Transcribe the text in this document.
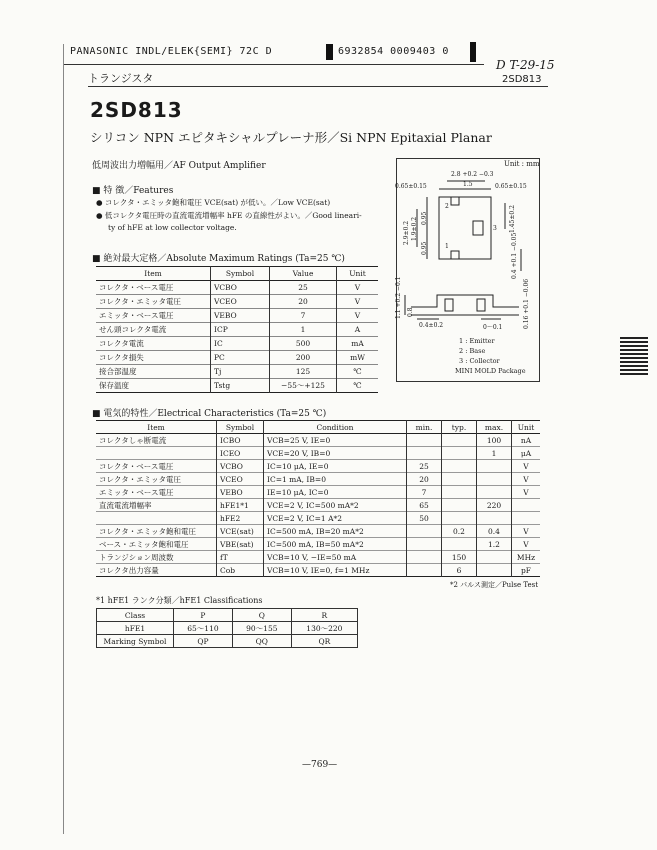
PANASONIC INDL/ELEK{SEMI} 72C D	6932854 0009403 0
D T-29-15
トランジスタ	2SD813
2SD813
シリコン NPN エピタキシャルプレーナ形／Si NPN Epitaxial Planar
低周波出力増幅用／AF Output Amplifier
■ 特 徴／Features
● コレクタ・エミッタ飽和電圧 VCE(sat) が低い。／Low VCE(sat)
● 低コレクタ電圧時の直流電流増幅率 hFE の直線性がよい。／Good lineari-
ty of hFE at low collector voltage.
■ 絶対最大定格／Absolute Maximum Ratings (Ta=25 ℃)
Item	Symbol	Value	Unit
コレクタ・ベース電圧	VCBO	25	V
コレクタ・エミッタ電圧	VCEO	20	V
エミッタ・ベース電圧	VEBO	7	V
せん頭コレクタ電流	ICP	1	A
コレクタ電流	IC	500	mA
コレクタ損失	PC	200	mW
接合部温度	Tj	125	℃
保存温度	Tstg	−55〜+125	℃
Unit : mm
2.8 +0.2 −0.3
1.5
0.65±0.15	0.65±0.15
2.9±0.2 1.9±0.2 0.95
0.95
1.45±0.2
0.4 +0.1 −0.05
1
2
3
1.1 +0.2 −0.1 0.8	0.16 +0.1 −0.06
0.4±0.2	0〜0.1
1 : Emitter
2 : Base
3 : Collector
MINI MOLD Package
■ 電気的特性／Electrical Characteristics (Ta=25 ℃)
Item	Symbol	Condition	min.	typ.	max.	Unit
コレクタしゃ断電流	ICBO	VCB=25 V, IE=0			100	nA
	ICEO	VCE=20 V, IB=0			1	μA
コレクタ・ベース電圧	VCBO	IC=10 μA, IE=0	25			V
コレクタ・エミッタ電圧	VCEO	IC=1 mA, IB=0	20			V
エミッタ・ベース電圧	VEBO	IE=10 μA, IC=0	7			V
直流電流増幅率	hFE1*1	VCE=2 V, IC=500 mA*2	65		220	
	hFE2	VCE=2 V, IC=1 A*2	50			
コレクタ・エミッタ飽和電圧	VCE(sat)	IC=500 mA, IB=20 mA*2		0.2	0.4	V
ベース・エミッタ飽和電圧	VBE(sat)	IC=500 mA, IB=50 mA*2			1.2	V
トランジション周波数	fT	VCB=10 V, −IE=50 mA		150		MHz
コレクタ出力容量	Cob	VCB=10 V, IE=0, f=1 MHz		6		pF
*2 パルス測定／Pulse Test
*1 hFE1 ランク分類／hFE1 Classifications
Class	P	Q	R
hFE1	65〜110	90〜155	130〜220
Marking Symbol	QP	QQ	QR
—769—
